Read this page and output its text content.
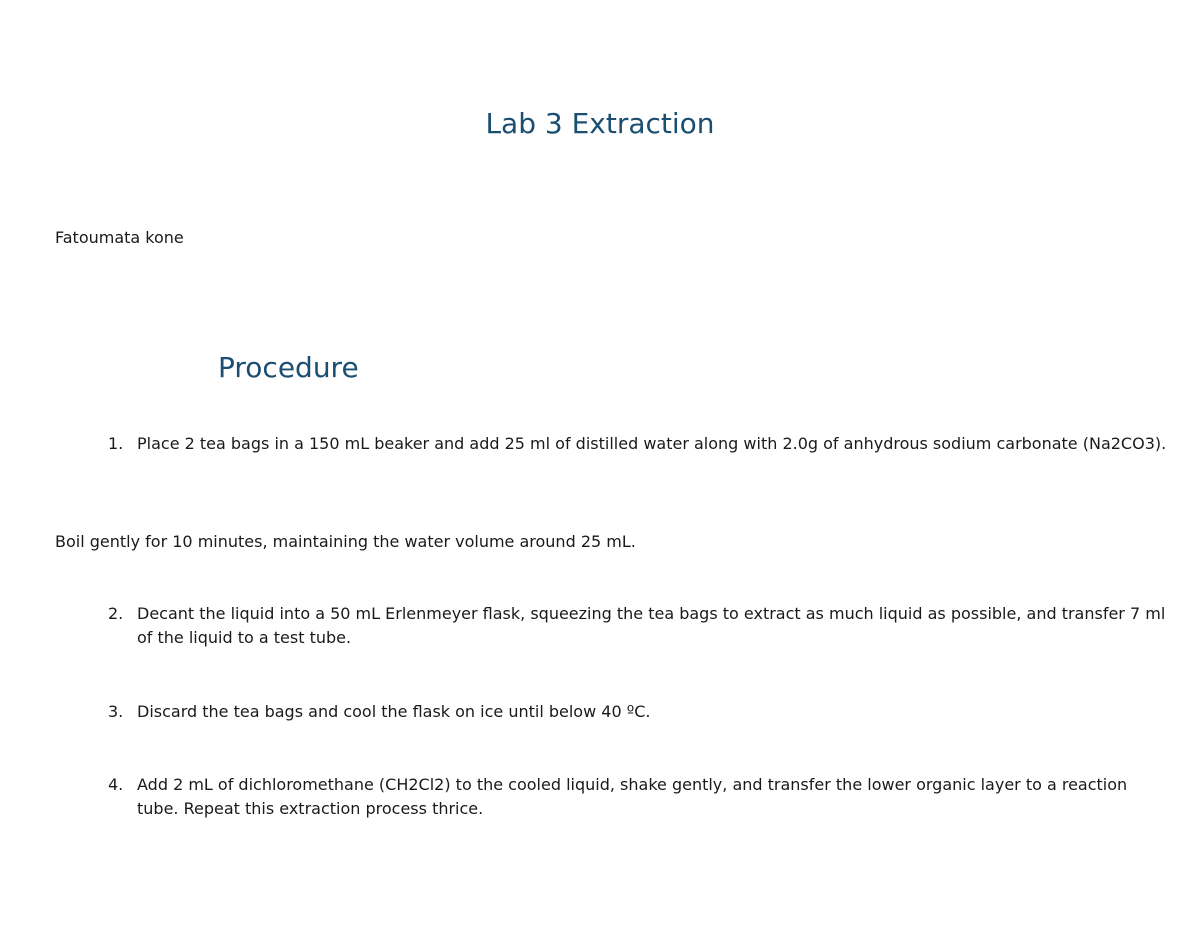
Lab 3 Extraction
Fatoumata kone
Procedure
1. Place 2 tea bags in a 150 mL beaker and add 25 ml of distilled water along with 2.0g of anhydrous sodium carbonate (Na2CO3).
Boil gently for 10 minutes, maintaining the water volume around 25 mL.
2. Decant the liquid into a 50 mL Erlenmeyer flask, squeezing the tea bags to extract as much liquid as possible, and transfer 7 ml of the liquid to a test tube.
3. Discard the tea bags and cool the flask on ice until below 40 ºC.
4. Add 2 mL of dichloromethane (CH2Cl2) to the cooled liquid, shake gently, and transfer the lower organic layer to a reaction tube. Repeat this extraction process thrice.
